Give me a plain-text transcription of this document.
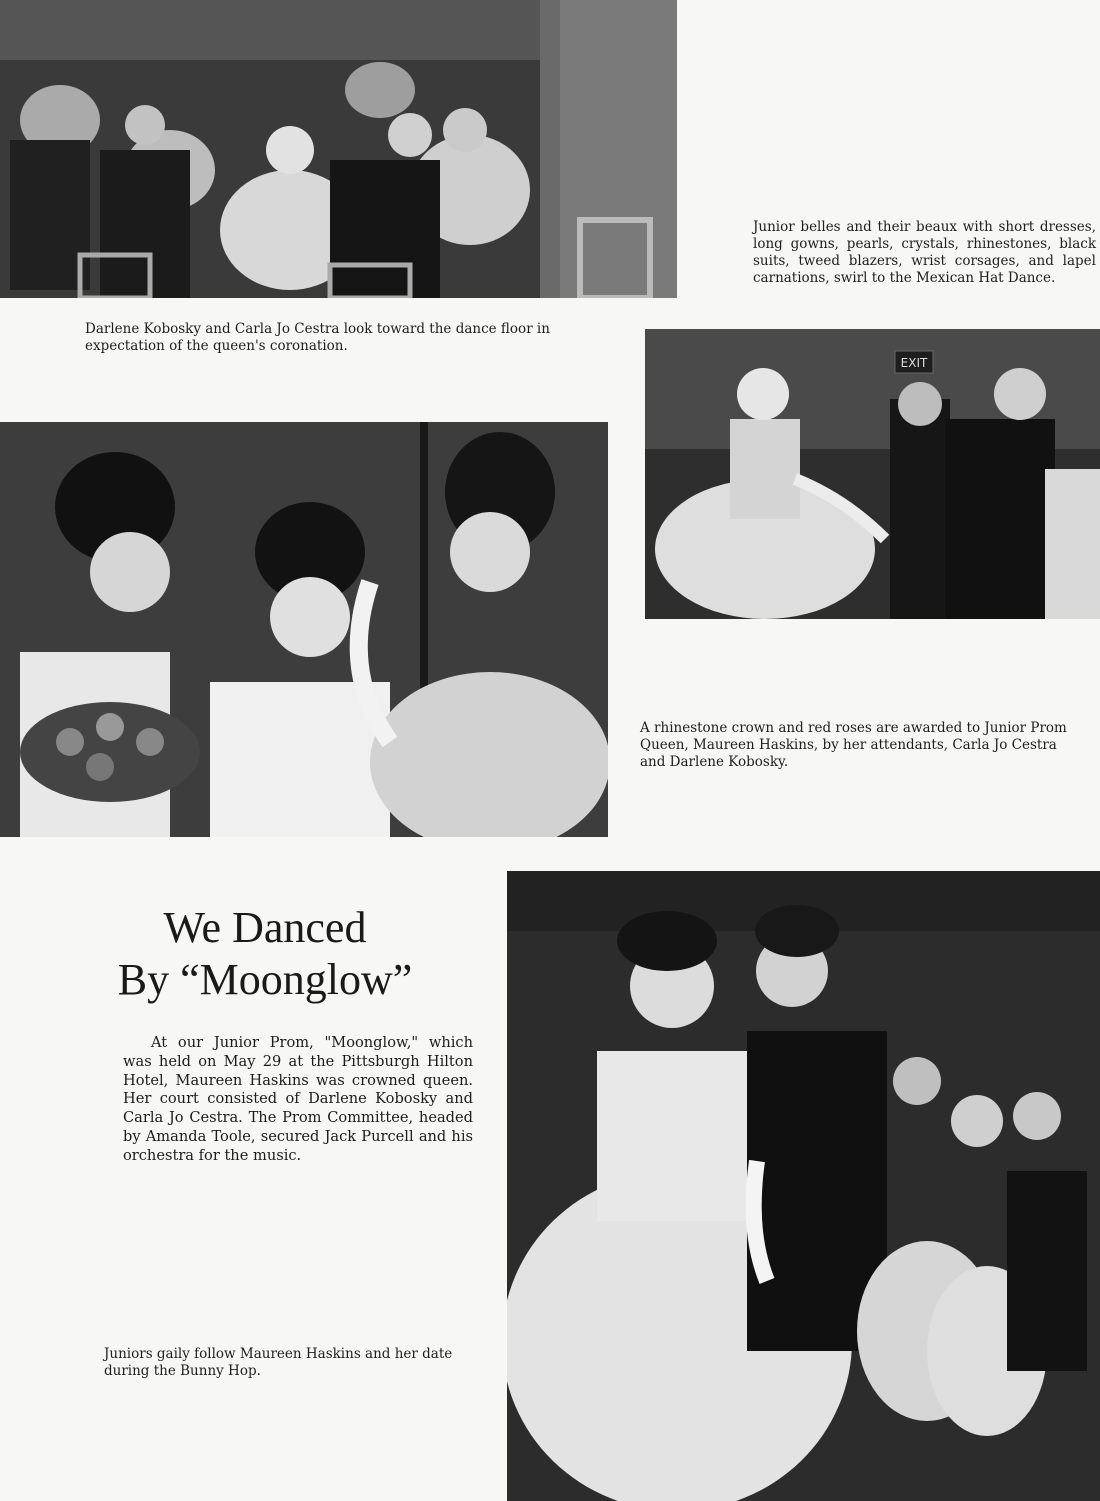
Junior belles and their beaux with short dresses, long gowns, pearls, crystals, rhinestones, black suits, tweed blazers, wrist corsages, and lapel carnations, swirl to the Mexican Hat Dance.

Darlene Kobosky and Carla Jo Cestra look toward the dance floor in expectation of the queen's coronation.

EXIT

A rhinestone crown and red roses are awarded to Junior Prom Queen, Maureen Haskins, by her attendants, Carla Jo Cestra and Darlene Kobosky.

We Danced
By “Moonglow”

At our Junior Prom, "Moonglow," which was held on May 29 at the Pittsburgh Hilton Hotel, Maureen Haskins was crowned queen. Her court consisted of Darlene Kobosky and Carla Jo Cestra. The Prom Committee, headed by Amanda Toole, secured Jack Purcell and his orchestra for the music.

Juniors gaily follow Maureen Haskins and her date during the Bunny Hop.
